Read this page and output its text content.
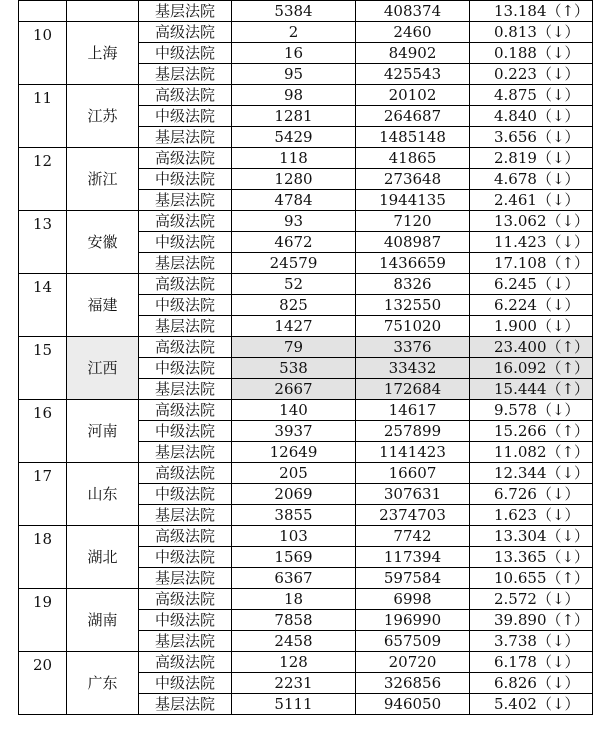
		基层法院	5384	408374	13.184（↑）
10	上海	高级法院	2	2460	0.813（↓）
		中级法院	16	84902	0.188（↓）
		基层法院	95	425543	0.223（↓）
11	江苏	高级法院	98	20102	4.875（↓）
		中级法院	1281	264687	4.840（↓）
		基层法院	5429	1485148	3.656（↓）
12	浙江	高级法院	118	41865	2.819（↓）
		中级法院	1280	273648	4.678（↓）
		基层法院	4784	1944135	2.461（↓）
13	安徽	高级法院	93	7120	13.062（↓）
		中级法院	4672	408987	11.423（↓）
		基层法院	24579	1436659	17.108（↑）
14	福建	高级法院	52	8326	6.245（↓）
		中级法院	825	132550	6.224（↓）
		基层法院	1427	751020	1.900（↓）
15	江西	高级法院	79	3376	23.400（↑）
		中级法院	538	33432	16.092（↑）
		基层法院	2667	172684	15.444（↑）
16	河南	高级法院	140	14617	9.578（↓）
		中级法院	3937	257899	15.266（↑）
		基层法院	12649	1141423	11.082（↑）
17	山东	高级法院	205	16607	12.344（↓）
		中级法院	2069	307631	6.726（↓）
		基层法院	3855	2374703	1.623（↓）
18	湖北	高级法院	103	7742	13.304（↓）
		中级法院	1569	117394	13.365（↓）
		基层法院	6367	597584	10.655（↑）
19	湖南	高级法院	18	6998	2.572（↓）
		中级法院	7858	196990	39.890（↑）
		基层法院	2458	657509	3.738（↓）
20	广东	高级法院	128	20720	6.178（↓）
		中级法院	2231	326856	6.826（↓）
		基层法院	5111	946050	5.402（↓）
